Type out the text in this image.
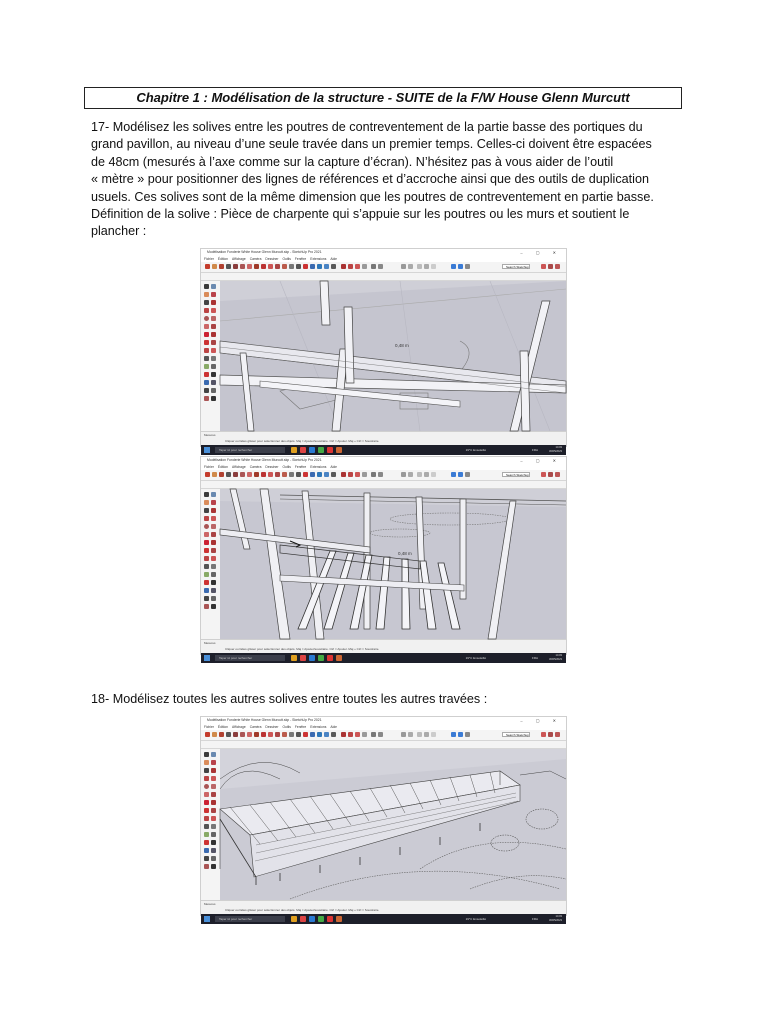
Chapitre 1 : Modélisation de la structure - SUITE de la F/W House Glenn Murcutt
17- Modélisez les solives entre les poutres de contreventement de la partie basse des portiques du
grand pavillon, au niveau d’une seule travée dans un premier temps. Celles-ci doivent être espacées
de 48cm (mesurés à l’axe comme sur la capture d’écran). N’hésitez pas à vous aider de l’outil
« mètre » pour positionner des lignes de références et d’accroche ainsi que des outils de duplication
usuels. Ces solives sont de la même dimension que les poutres de contreventement en partie basse.
Définition de la solive : Pièce de charpente qui s’appuie sur les poutres ou les murs et soutient le
plancher :
18- Modélisez toutes les autres solives entre toutes les autres travées :
Modélisation Fonderie White House Glenn Murcutt.skp - SketchUp Pro 2021	– ▢ ✕
Fichier Édition Affichage Caméra Dessiner Outils Fenêtre Extensions Aide
Search Sketchup
0,48 m
Mesures
Cliquer ou faites glisser pour sélectionner des objets. Maj = Ajouter/soustraire. Ctrl = Ajouter. Maj + Ctrl = Soustraire.
Taper ici pour rechercher	19°C Ensoleillé	FRA
14:03
30/05/2023
Modélisation Fonderie White House Glenn Murcutt.skp - SketchUp Pro 2021	– ▢ ✕
Fichier Édition Affichage Caméra Dessiner Outils Fenêtre Extensions Aide
Search Sketchup
0,48 m
Mesures
Cliquer ou faites glisser pour sélectionner des objets. Maj = Ajouter/soustraire. Ctrl = Ajouter. Maj + Ctrl = Soustraire.
Taper ici pour rechercher	19°C Ensoleillé	FRA
14:03
30/05/2023
Modélisation Fonderie White House Glenn Murcutt.skp - SketchUp Pro 2021	– ▢ ✕
Fichier Édition Affichage Caméra Dessiner Outils Fenêtre Extensions Aide
Search Sketchup
Mesures
Cliquer ou faites glisser pour sélectionner des objets. Maj = Ajouter/soustraire. Ctrl = Ajouter. Maj + Ctrl = Soustraire.
Taper ici pour rechercher	19°C Ensoleillé	FRA
14:03
30/05/2023
